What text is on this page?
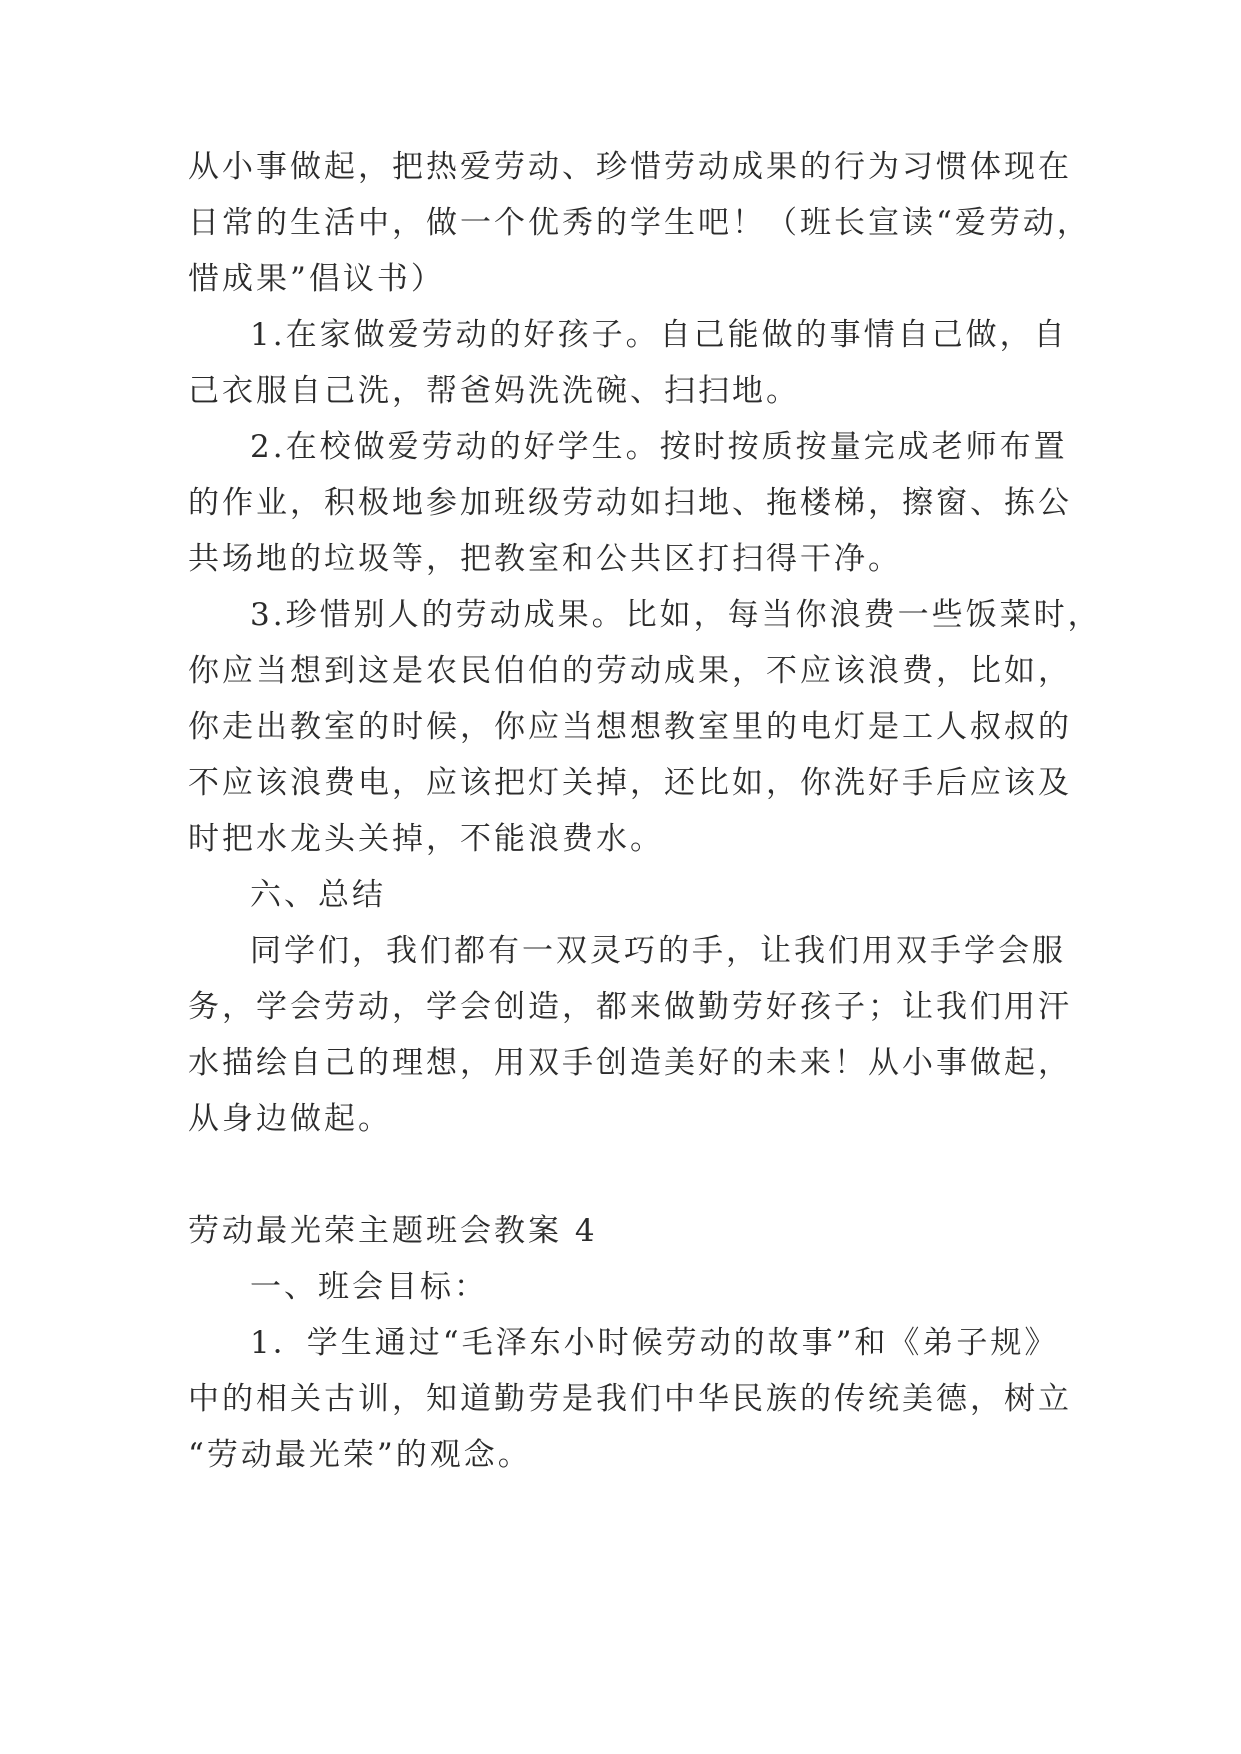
从小事做起，把热爱劳动、珍惜劳动成果的行为习惯体现在
日常的生活中，做一个优秀的学生吧！（班长宣读“爱劳动，
惜成果”倡议书）
1.在家做爱劳动的好孩子。自己能做的事情自己做，自
己衣服自己洗，帮爸妈洗洗碗、扫扫地。
2.在校做爱劳动的好学生。按时按质按量完成老师布置
的作业，积极地参加班级劳动如扫地、拖楼梯，擦窗、拣公
共场地的垃圾等，把教室和公共区打扫得干净。
3.珍惜别人的劳动成果。比如，每当你浪费一些饭菜时，
你应当想到这是农民伯伯的劳动成果，不应该浪费，比如，
你走出教室的时候，你应当想想教室里的电灯是工人叔叔的
不应该浪费电，应该把灯关掉，还比如，你洗好手后应该及
时把水龙头关掉，不能浪费水。
六、总结
同学们，我们都有一双灵巧的手，让我们用双手学会服
务，学会劳动，学会创造，都来做勤劳好孩子；让我们用汗
水描绘自己的理想，用双手创造美好的未来！从小事做起，
从身边做起。
劳动最光荣主题班会教案 4
一、班会目标：
1．学生通过“毛泽东小时候劳动的故事”和《弟子规》
中的相关古训，知道勤劳是我们中华民族的传统美德，树立
“劳动最光荣”的观念。
